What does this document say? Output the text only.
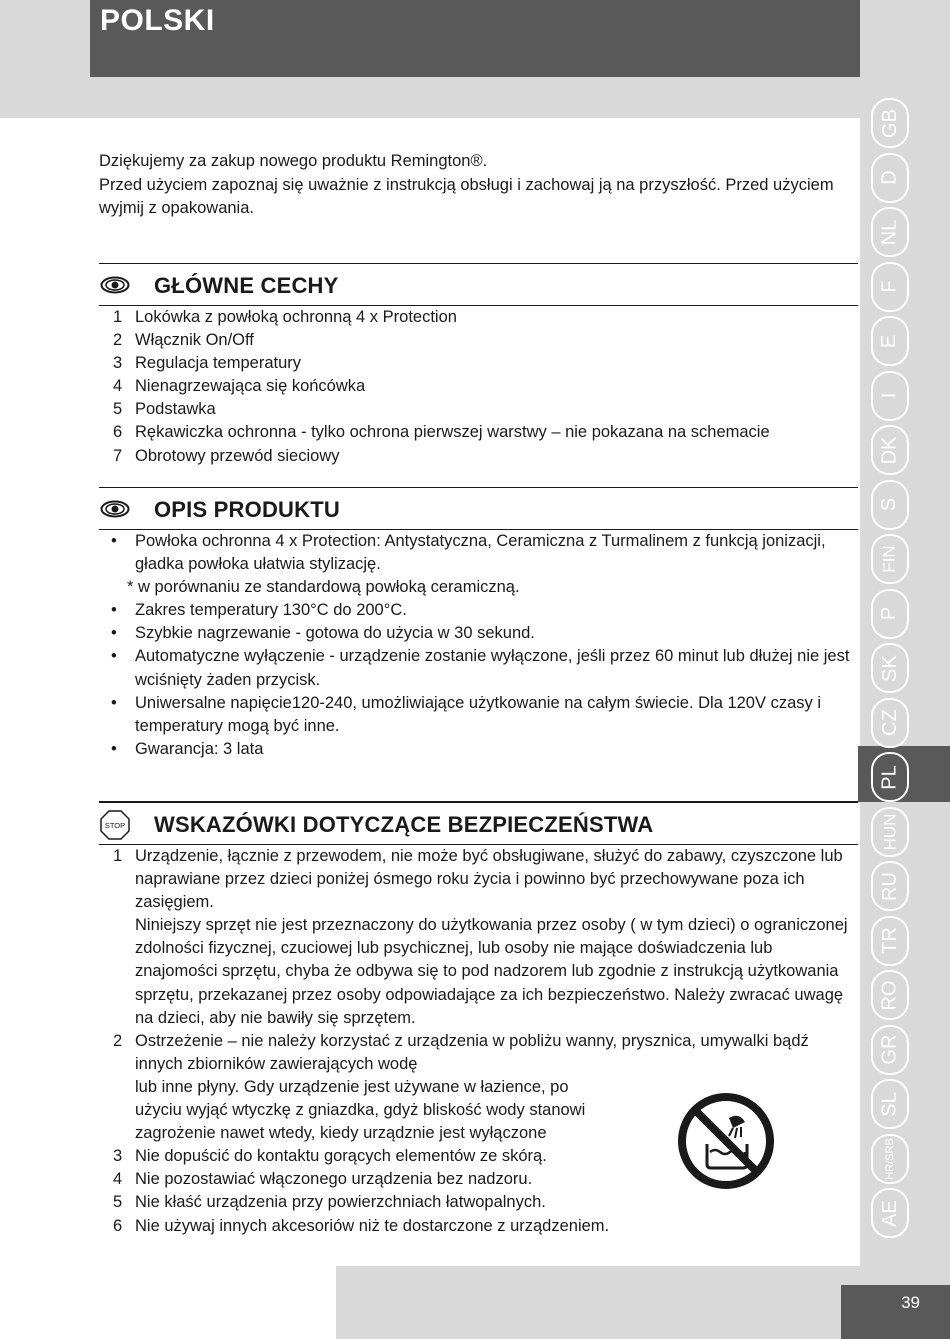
POLSKI

Dziękujemy za zakup nowego produktu Remington®.

Przed użyciem zapoznaj się uważnie z instrukcją obsługi i zachowaj ją na przyszłość. Przed użyciem wyjmij z opakowania.

GŁÓWNE CECHY
1 Lokówka z powłoką ochronną 4 x Protection
2 Włącznik On/Off
3 Regulacja temperatury
4 Nienagrzewająca się końcówka
5 Podstawka
6 Rękawiczka ochronna - tylko ochrona pierwszej warstwy – nie pokazana na schemacie
7 Obrotowy przewód sieciowy
OPIS PRODUKTU
•	Powłoka ochronna 4 x Protection: Antystatyczna, Ceramiczna z Turmalinem z funkcją jonizacji, gładka powłoka ułatwia stylizację.
* w porównaniu ze standardową powłoką ceramiczną.
•	Zakres temperatury 130°C do 200°C.
•	Szybkie nagrzewanie - gotowa do użycia w 30 sekund.
•	Automatyczne wyłączenie - urządzenie zostanie wyłączone, jeśli przez 60 minut lub dłużej nie jest wciśnięty żaden przycisk.
•	Uniwersalne napięcie120-240, umożliwiające użytkowanie na całym świecie. Dla 120V czasy i temperatury mogą być inne.
•	Gwarancja: 3 lata
STOP WSKAZÓWKI DOTYCZĄCE BEZPIECZEŃSTWA
1 Urządzenie, łącznie z przewodem, nie może być obsługiwane, służyć do zabawy, czyszczone lub naprawiane przez dzieci poniżej ósmego roku życia i powinno być przechowywane poza ich zasięgiem.

Niniejszy sprzęt nie jest przeznaczony do użytkowania przez osoby ( w tym dzieci) o ograniczonej zdolności fizycznej, czuciowej lub psychicznej, lub osoby nie mające doświadczenia lub znajomości sprzętu, chyba że odbywa się to pod nadzorem lub zgodnie z instrukcją użytkowania sprzętu, przekazanej przez osoby odpowiadające za ich bezpieczeństwo. Należy zwracać uwagę na dzieci, aby nie bawiły się sprzętem.

2 Ostrzeżenie – nie należy korzystać z urządzenia w pobliżu wanny, prysznica, umywalki bądź innych zbiorników zawierających wodę

lub inne płyny. Gdy urządzenie jest używane w łazience, po

użyciu wyjąć wtyczkę z gniazdka, gdyż bliskość wody stanowi

zagrożenie nawet wtedy, kiedy urządznie jest wyłączone

3 Nie dopuścić do kontaktu gorących elementów ze skórą.

4 Nie pozostawiać włączonego urządzenia bez nadzoru.

5 Nie kłaść urządzenia przy powierzchniach łatwopalnych.

6 Nie używaj innych akcesoriów niż te dostarczone z urządzeniem.

GB
D
NL
F
E
I
DK
S
FIN
P
SK
CZ
PL
HUN
RU
TR
RO
GR
SL
HR/SRB
AE
39
